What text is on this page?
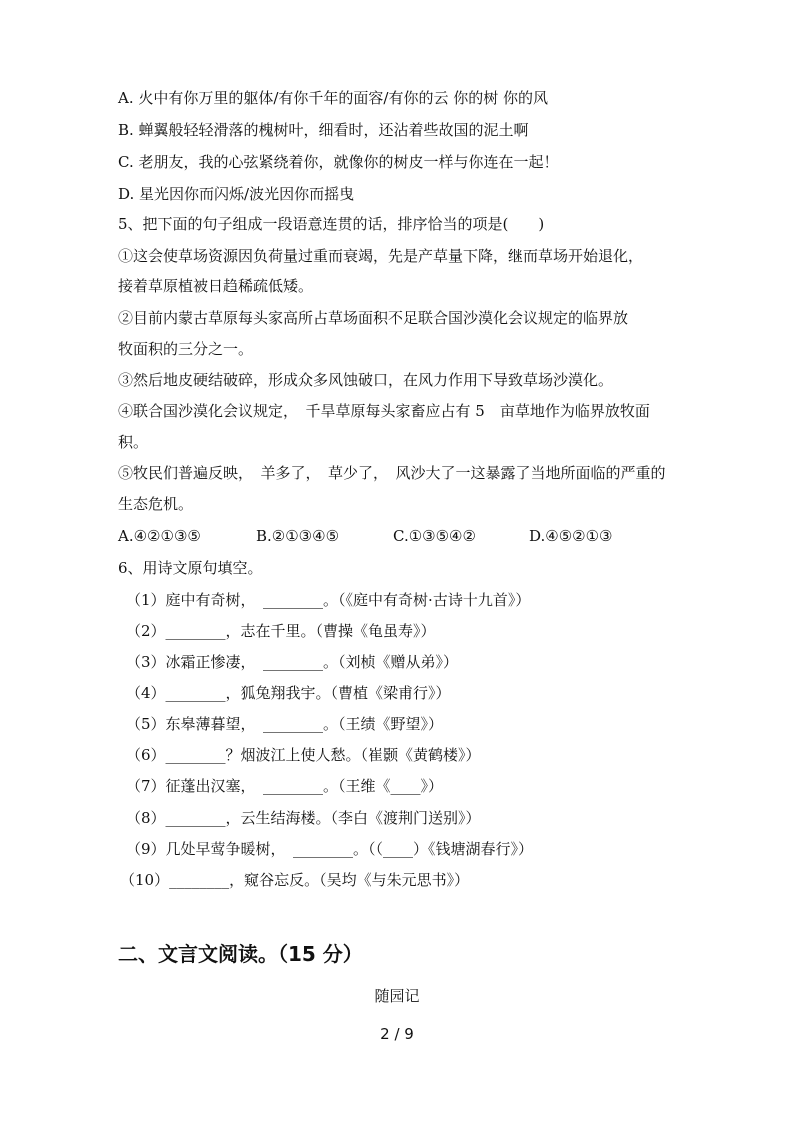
A. 火中有你万里的躯体/有你千年的面容/有你的云 你的树 你的风
B. 蝉翼般轻轻滑落的槐树叶，细看时，还沾着些故国的泥土啊
C. 老朋友，我的心弦紧绕着你，就像你的树皮一样与你连在一起！
D. 星光因你而闪烁/波光因你而摇曳
5、把下面的句子组成一段语意连贯的话，排序恰当的项是(　　)
①这会使草场资源因负荷量过重而衰竭，先是产草量下降，继而草场开始退化，
接着草原植被日趋稀疏低矮。
②目前内蒙古草原每头家高所占草场面积不足联合国沙漠化会议规定的临界放
牧面积的三分之一。
③然后地皮硬结破碎，形成众多风蚀破口，在风力作用下导致草场沙漠化。
④联合国沙漠化会议规定，　千旱草原每头家畜应占有 5　亩草地作为临界放牧面
积。
⑤牧民们普遍反映，　羊多了，　草少了，　风沙大了一这暴露了当地所面临的严重的
生态危机。
A.④②①③⑤	B.②①③④⑤	C.①③⑤④②	D.④⑤②①③
6、用诗文原句填空。
（1）庭中有奇树，　________。（《庭中有奇树·古诗十九首》）
（2）________，志在千里。（曹操《龟虽寿》）
（3）冰霜正惨凄，　________。（刘桢《赠从弟》）
（4）________，狐兔翔我宇。（曹植《梁甫行》）
（5）东皋薄暮望，　________。（王绩《野望》）
（6）________？烟波江上使人愁。（崔颢《黄鹤楼》）
（7）征蓬出汉塞，　________。（王维《____》）
（8）________，云生结海楼。（李白《渡荆门送别》）
（9）几处早莺争暖树，　________。（（____）《钱塘湖春行》）
（10）________，窥谷忘反。（吴均《与朱元思书》）
二、文言文阅读。（15 分）
随园记
2 / 9
